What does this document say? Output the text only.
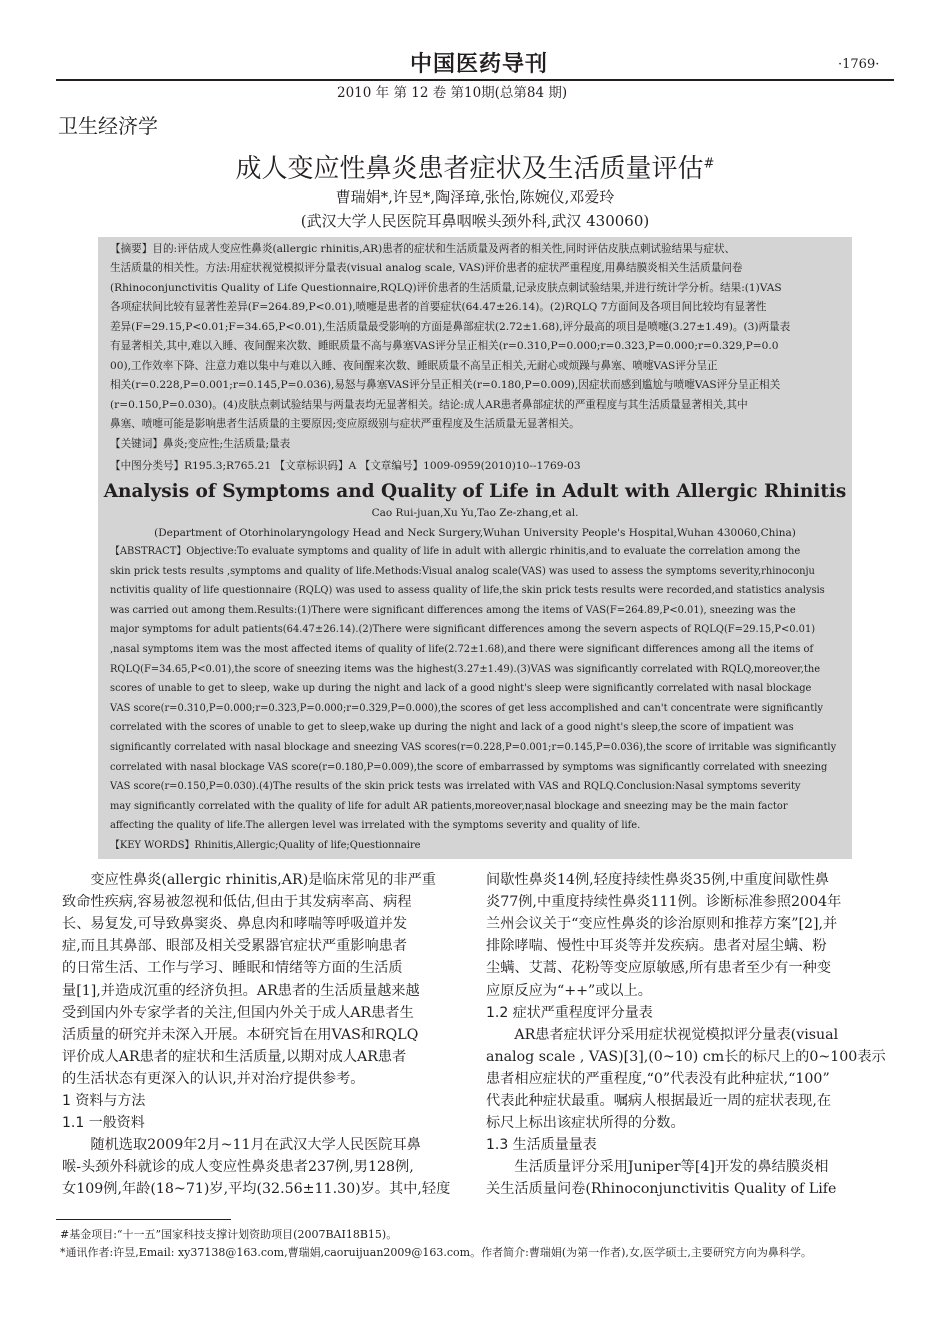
中国医药导刊	·1769·
2010 年 第 12 卷 第10期(总第84 期)
卫生经济学
成人变应性鼻炎患者症状及生活质量评估#
曹瑞娟*,许昱*,陶泽璋,张怡,陈婉仪,邓爱玲
(武汉大学人民医院耳鼻咽喉头颈外科,武汉 430060)
【摘要】目的:评估成人变应性鼻炎(allergic rhinitis,AR)患者的症状和生活质量及两者的相关性,同时评估皮肤点刺试验结果与症状、
生活质量的相关性。方法:用症状视觉模拟评分量表(visual analog scale, VAS)评价患者的症状严重程度,用鼻结膜炎相关生活质量问卷
(Rhinoconjunctivitis Quality of Life Questionnaire,RQLQ)评价患者的生活质量,记录皮肤点刺试验结果,并进行统计学分析。结果:(1)VAS
各项症状间比较有显著性差异(F=264.89,P<0.01),喷嚏是患者的首要症状(64.47±26.14)。(2)RQLQ 7方面间及各项目间比较均有显著性
差异(F=29.15,P<0.01;F=34.65,P<0.01),生活质量最受影响的方面是鼻部症状(2.72±1.68),评分最高的项目是喷嚏(3.27±1.49)。(3)两量表
有显著相关,其中,难以入睡、夜间醒来次数、睡眠质量不高与鼻塞VAS评分呈正相关(r=0.310,P=0.000;r=0.323,P=0.000;r=0.329,P=0.0
00),工作效率下降、注意力难以集中与难以入睡、夜间醒来次数、睡眠质量不高呈正相关,无耐心或烦躁与鼻塞、喷嚏VAS评分呈正
相关(r=0.228,P=0.001;r=0.145,P=0.036),易怒与鼻塞VAS评分呈正相关(r=0.180,P=0.009),因症状而感到尴尬与喷嚏VAS评分呈正相关
(r=0.150,P=0.030)。(4)皮肤点刺试验结果与两量表均无显著相关。结论:成人AR患者鼻部症状的严重程度与其生活质量显著相关,其中
鼻塞、喷嚏可能是影响患者生活质量的主要原因;变应原级别与症状严重程度及生活质量无显著相关。
【关键词】鼻炎;变应性;生活质量;量表
【中图分类号】R195.3;R765.21 【文章标识码】A 【文章编号】1009-0959(2010)10--1769-03
Analysis of Symptoms and Quality of Life in Adult with Allergic Rhinitis
Cao Rui-juan,Xu Yu,Tao Ze-zhang,et al.
(Department of Otorhinolaryngology Head and Neck Surgery,Wuhan University People's Hospital,Wuhan 430060,China)
【ABSTRACT】Objective:To evaluate symptoms and quality of life in adult with allergic rhinitis,and to evaluate the correlation among the
skin prick tests results ,symptoms and quality of life.Methods:Visual analog scale(VAS) was used to assess the symptoms severity,rhinoconju
nctivitis quality of life questionnaire (RQLQ) was used to assess quality of life,the skin prick tests results were recorded,and statistics analysis
was carried out among them.Results:(1)There were significant differences among the items of VAS(F=264.89,P<0.01), sneezing was the
major symptoms for adult patients(64.47±26.14).(2)There were significant differences among the severn aspects of RQLQ(F=29.15,P<0.01)
,nasal symptoms item was the most affected items of quality of life(2.72±1.68),and there were significant differences among all the items of
RQLQ(F=34.65,P<0.01),the score of sneezing items was the highest(3.27±1.49).(3)VAS was significantly correlated with RQLQ,moreover,the
scores of unable to get to sleep, wake up during the night and lack of a good night's sleep were significantly correlated with nasal blockage
VAS score(r=0.310,P=0.000;r=0.323,P=0.000;r=0.329,P=0.000),the scores of get less accomplished and can't concentrate were significantly
correlated with the scores of unable to get to sleep,wake up during the night and lack of a good night's sleep,the score of impatient was
significantly correlated with nasal blockage and sneezing VAS scores(r=0.228,P=0.001;r=0.145,P=0.036),the score of irritable was significantly
correlated with nasal blockage VAS score(r=0.180,P=0.009),the score of embarrassed by symptoms was significantly correlated with sneezing
VAS score(r=0.150,P=0.030).(4)The results of the skin prick tests was irrelated with VAS and RQLQ.Conclusion:Nasal symptoms severity
may significantly correlated with the quality of life for adult AR patients,moreover,nasal blockage and sneezing may be the main factor
affecting the quality of life.The allergen level was irrelated with the symptoms severity and quality of life.
【KEY WORDS】Rhinitis,Allergic;Quality of life;Questionnaire
　　变应性鼻炎(allergic rhinitis,AR)是临床常见的非严重
致命性疾病,容易被忽视和低估,但由于其发病率高、病程
长、易复发,可导致鼻窦炎、鼻息肉和哮喘等呼吸道并发
症,而且其鼻部、眼部及相关受累器官症状严重影响患者
的日常生活、工作与学习、睡眠和情绪等方面的生活质
量[1],并造成沉重的经济负担。AR患者的生活质量越来越
受到国内外专家学者的关注,但国内外关于成人AR患者生
活质量的研究并未深入开展。本研究旨在用VAS和RQLQ
评价成人AR患者的症状和生活质量,以期对成人AR患者
的生活状态有更深入的认识,并对治疗提供参考。
1 资料与方法
1.1 一般资料
　　随机选取2009年2月~11月在武汉大学人民医院耳鼻
喉-头颈外科就诊的成人变应性鼻炎患者237例,男128例,
女109例,年龄(18~71)岁,平均(32.56±11.30)岁。其中,轻度
间歇性鼻炎14例,轻度持续性鼻炎35例,中重度间歇性鼻
炎77例,中重度持续性鼻炎111例。诊断标准参照2004年
兰州会议关于“变应性鼻炎的诊治原则和推荐方案”[2],并
排除哮喘、慢性中耳炎等并发疾病。患者对屋尘螨、粉
尘螨、艾蒿、花粉等变应原敏感,所有患者至少有一种变
应原反应为“++”或以上。
1.2 症状严重程度评分量表
　　AR患者症状评分采用症状视觉模拟评分量表(visual
analog scale , VAS)[3],(0~10) cm长的标尺上的0~100表示
患者相应症状的严重程度,“0”代表没有此种症状,“100”
代表此种症状最重。嘱病人根据最近一周的症状表现,在
标尺上标出该症状所得的分数。
1.3 生活质量量表
　　生活质量评分采用Juniper等[4]开发的鼻结膜炎相
关生活质量问卷(Rhinoconjunctivitis Quality of Life
#基金项目:“十一五”国家科技支撑计划资助项目(2007BAI18B15)。
*通讯作者:许昱,Email: xy37138@163.com,曹瑞娟,caoruijuan2009@163.com。作者简介:曹瑞娟(为第一作者),女,医学硕士,主要研究方向为鼻科学。
